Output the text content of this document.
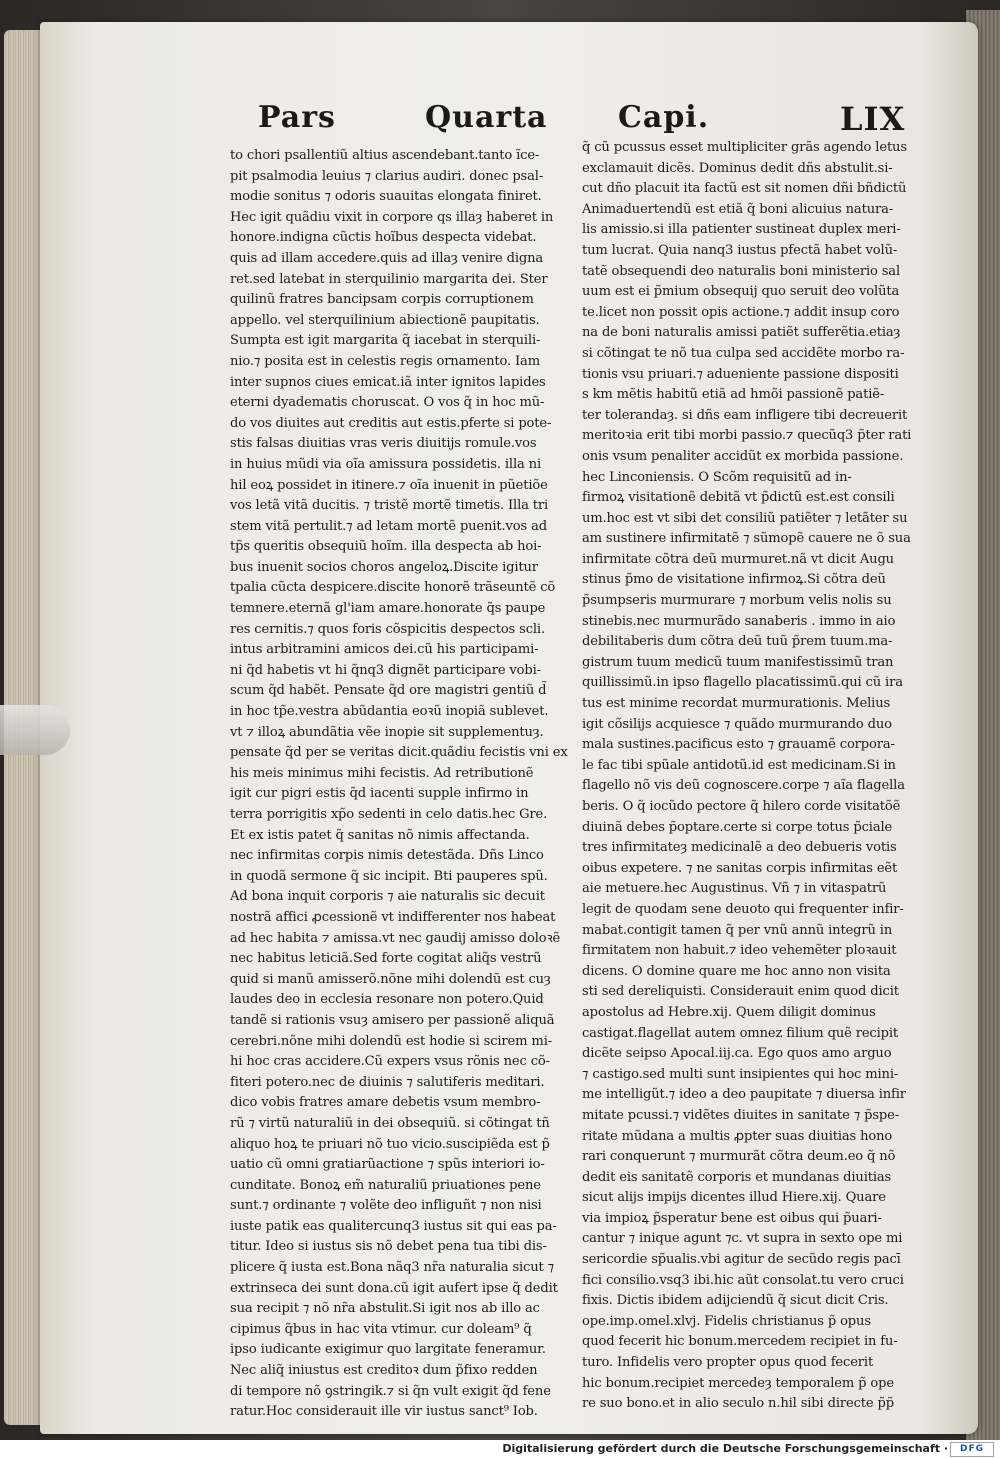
Pars	Quarta Capi.	LIX
to chori psallentiũ altius ascendebant.tanto ĩce-
pit psalmodia leuius ⁊ clarius audiri. donec psal-
modie sonitus ⁊ odoris suauitas elongata finiret.
Hec igit quãdiu vixit in corpore qs illaȝ haberet in
honore.indigna cũctis hoĩbus despecta videbat.
quis ad illam accedere.quis ad illaȝ venire digna
ret.sed latebat in sterquilinio margarita dei. Ster
quilinũ fratres bancipsam corpis corruptionem
appello. vel sterquilinium abiectionẽ paupitatis.
Sumpta est igit margarita q̃ iacebat in sterquili-
nio.⁊ posita est in celestis regis ornamento. Iam
inter supnos ciues emicat.iã inter ignitos lapides
eterni dyadematis choruscat. O vos q̃ in hoc mũ-
do vos diuites aut creditis aut estis.pferte si pote-
stis falsas diuitias vras veris diuitijs romule.vos
in huius mũdi via oĩa amissura possidetis. illa ni
hil eoꝝ possidet in itinere.⁊ oĩa inuenit in pũetiõe
vos letã vitã ducitis. ⁊ tristẽ mortẽ timetis. Illa tri
stem vitã pertulit.⁊ ad letam mortẽ puenit.vos ad
tp̃s queritis obsequiũ hoĩm. illa despecta ab hoi-
bus inuenit socios choros angeloꝝ.Discite igitur
tpalia cũcta despicere.discite honorẽ trãseuntẽ cõ
temnere.eternã gl'iam amare.honorate q̃s paupe
res cernitis.⁊ quos foris cõspicitis despectos scli.
intus arbitramini amicos dei.cũ his participami-
ni q̃d habetis vt hi q̃nq3 dignẽt participare vobi-
scum q̃d habẽt. Pensate q̃d ore magistri gentiũ d̃
in hoc tp̃e.vestra abũdantia eoꝛũ inopiã sublevet.
vt ⁊ illoꝝ abundãtia vẽe inopie sit supplementuȝ.
pensate q̃d per se veritas dicit.quãdiu fecistis vni ex
his meis minimus mihi fecistis. Ad retributionẽ
igit cur pigri estis q̃d iacenti supple infirmo in
terra porrigitis xp̃o sedenti in celo datis.hec Gre.
Et ex istis patet q̃ sanitas nõ nimis affectanda.
nec infirmitas corpis nimis detestãda. Dñs Linco
in quodã sermone q̃ sic incipit. Bti pauperes spũ.
Ad bona inquit corporis ⁊ aie naturalis sic decuit
nostrã affici ꝓcessionẽ vt indifferenter nos habeat
ad hec habita ⁊ amissa.vt nec gaudij amisso doloꝛẽ
nec habitus leticiã.Sed forte cogitat aliq̃s vestrũ
quid si manũ amisserõ.nõne mihi dolendũ est cuȝ
laudes deo in ecclesia resonare non potero.Quid
tandẽ si rationis vsuȝ amisero per passionẽ aliquã
cerebri.nõne mihi dolendũ est hodie si scirem mi-
hi hoc cras accidere.Cũ expers vsus rõnis nec cõ-
fiteri potero.nec de diuinis ⁊ salutiferis meditari.
dico vobis fratres amare debetis vsum membro-
rũ ⁊ virtũ naturaliũ in dei obsequiũ. si cõtingat tñ
aliquo hoꝝ te priuari nõ tuo vicio.suscipiẽda est p̃
uatio cũ omni gratiarũactione ⁊ spũs interiori io-
cunditate. Bonoꝝ em̃ naturaliũ priuationes pene
sunt.⁊ ordinante ⁊ volẽte deo infliguñt ⁊ non nisi
iuste patik eas qualitercunq3 iustus sit qui eas pa-
titur. Ideo si iustus sis nõ debet pena tua tibi dis-
plicere q̃ iusta est.Bona nãq3 nr̃a naturalia sicut ⁊
extrinseca dei sunt dona.cũ igit aufert ipse q̃ dedit
sua recipit ⁊ nõ nr̃a abstulit.Si igit nos ab illo ac
cipimus q̃bus in hac vita vtimur. cur doleam⁹ q̃
ipso iudicante exigimur quo largitate feneramur.
Nec aliq̃ iniustus est creditoꝛ dum p̃fixo redden
di tempore nõ ꝯstringik.⁊ si q̃n vult exigit q̃d fene
ratur.Hoc considerauit ille vir iustus sanct⁹ Iob.
q̃ cũ pcussus esset multipliciter grãs agendo letus
exclamauit dicẽs. Dominus dedit dñs abstulit.si-
cut dño placuit ita factũ est sit nomen dñi bñdictũ
Animaduertendũ est etiã q̃ boni alicuius natura-
lis amissio.si illa patienter sustineat duplex meri-
tum lucrat. Quia nanq3 iustus pfectã habet volũ-
tatẽ obsequendi deo naturalis boni ministerio sal
uum est ei p̃mium obsequij quo seruit deo volũta
te.licet non possit opis actione.⁊ addit insup coro
na de boni naturalis amissi patiẽt sufferẽtia.etiaȝ
si cõtingat te nõ tua culpa sed accidẽte morbo ra-
tionis vsu priuari.⁊ adueniente passione dispositi
s km mẽtis habitũ etiã ad hmõi passionẽ patiẽ-
ter tolerandaȝ. si dñs eam infligere tibi decreuerit
meritoꝛia erit tibi morbi passio.⁊ quecũq3 p̃ter rati
onis vsum penaliter accidũt ex morbida passione.
hec Linconiensis. O Scõm requisitũ ad in-
firmoꝝ visitationẽ debitã vt p̃dictũ est.est consili
um.hoc est vt sibi det consiliũ patiẽter ⁊ letãter su
am sustinere infirmitatẽ ⁊ sũmopẽ cauere ne õ sua
infirmitate cõtra deũ murmuret.nã vt dicit Augu
stinus p̃mo de visitatione infirmoꝝ.Si cõtra deũ
p̃sumpseris murmurare ⁊ morbum velis nolis su
stinebis.nec murmurãdo sanaberis . immo in aio
debilitaberis dum cõtra deũ tuũ p̃rem tuum.ma-
gistrum tuum medicũ tuum manifestissimũ tran
quillissimũ.in ipso flagello placatissimũ.qui cũ ira
tus est minime recordat murmurationis. Melius
igit cõsilijs acquiesce ⁊ quãdo murmurando duo
mala sustines.pacificus esto ⁊ grauamẽ corpora-
le fac tibi spũale antidotũ.id est medicinam.Si in
flagello nõ vis deũ cognoscere.corpe ⁊ aĩa flagella
beris. O q̃ iocũdo pectore q̃ hilero corde visitatõẽ
diuinã debes p̃optare.certe si corpe totus p̃ciale
tres infirmitateȝ medicinalẽ a deo debueris votis
oibus expetere. ⁊ ne sanitas corpis infirmitas eẽt
aie metuere.hec Augustinus. Vñ ⁊ in vitaspatrũ
legit de quodam sene deuoto qui frequenter infir-
mabat.contigit tamen q̃ per vnũ annũ integrũ in
firmitatem non habuit.⁊ ideo vehemẽter ploꝛauit
dicens. O domine quare me hoc anno non visita
sti sed dereliquisti. Considerauit enim quod dicit
apostolus ad Hebre.xij. Quem diligit dominus
castigat.flagellat autem omnez filium quẽ recipit
dicẽte seipso Apocal.iij.ca. Ego quos amo arguo
⁊ castigo.sed multi sunt insipientes qui hoc mini-
me intelligũt.⁊ ideo a deo paupitate ⁊ diuersa infir
mitate pcussi.⁊ vidẽtes diuites in sanitate ⁊ p̃spe-
ritate mũdana a multis ꝓpter suas diuitias hono
rari conquerunt ⁊ murmurãt cõtra deum.eo q̃ nõ
dedit eis sanitatẽ corporis et mundanas diuitias
sicut alijs impijs dicentes illud Hiere.xij. Quare
via impioꝝ p̃speratur bene est oibus qui p̃uari-
cantur ⁊ inique agunt ⁊c. vt supra in sexto ope mi
sericordie sp̃ualis.vbi agitur de secũdo regis pacī
fici consilio.vsq3 ibi.hic aũt consolat.tu vero cruci
fixis. Dictis ibidem adijciendũ q̃ sicut dicit Cris.
ope.imp.omel.xlvj. Fidelis christianus p̃ opus
quod fecerit hic bonum.mercedem recipiet in fu-
turo. Infidelis vero propter opus quod fecerit
hic bonum.recipiet mercedeȝ temporalem p̃ ope
re suo bono.et in alio seculo n.hil sibi directe p̃p̃
Digitalisierung gefördert durch die Deutsche Forschungsgemeinschaft ·	DFG
